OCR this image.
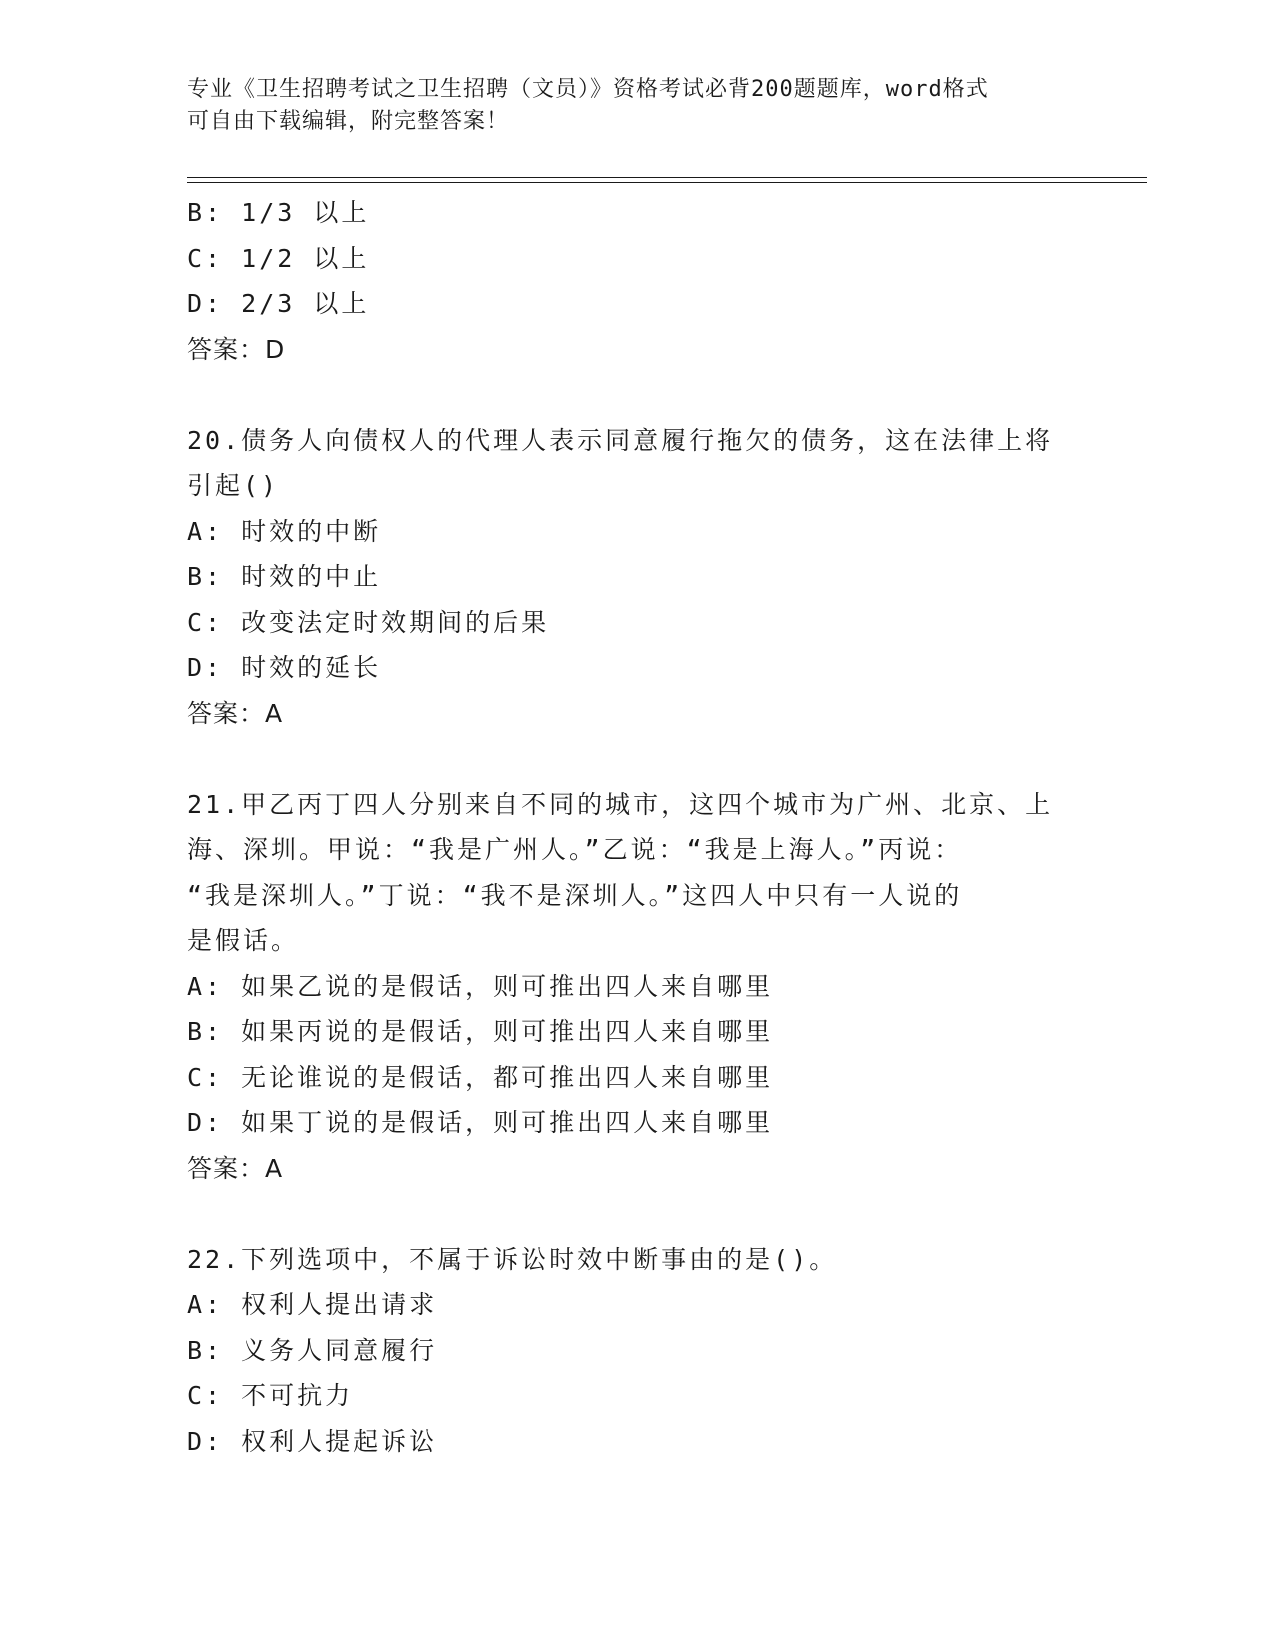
专业《卫生招聘考试之卫生招聘（文员）》资格考试必背200题题库，word格式
可自由下载编辑，附完整答案！
B: 1/3 以上
C: 1/2 以上
D: 2/3 以上
答案：D
20.债务人向债权人的代理人表示同意履行拖欠的债务，这在法律上将
引起()
A: 时效的中断
B: 时效的中止
C: 改变法定时效期间的后果
D: 时效的延长
答案：A
21.甲乙丙丁四人分别来自不同的城市，这四个城市为广州、北京、上
海、深圳。甲说：“我是广州人。”乙说：“我是上海人。”丙说：
“我是深圳人。”丁说：“我不是深圳人。”这四人中只有一人说的
是假话。
A: 如果乙说的是假话，则可推出四人来自哪里
B: 如果丙说的是假话，则可推出四人来自哪里
C: 无论谁说的是假话，都可推出四人来自哪里
D: 如果丁说的是假话，则可推出四人来自哪里
答案：A
22.下列选项中，不属于诉讼时效中断事由的是()。
A: 权利人提出请求
B: 义务人同意履行
C: 不可抗力
D: 权利人提起诉讼
